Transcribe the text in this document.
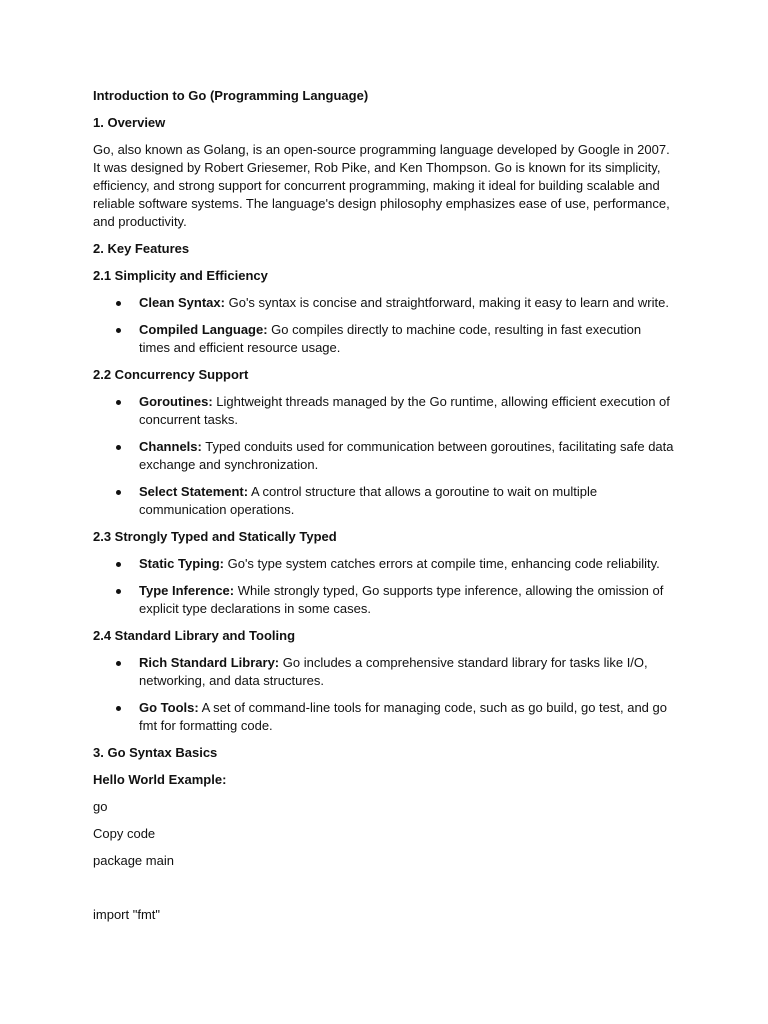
Introduction to Go (Programming Language)
1. Overview
Go, also known as Golang, is an open-source programming language developed by Google in 2007. It was designed by Robert Griesemer, Rob Pike, and Ken Thompson. Go is known for its simplicity, efficiency, and strong support for concurrent programming, making it ideal for building scalable and reliable software systems. The language's design philosophy emphasizes ease of use, performance, and productivity.
2. Key Features
2.1 Simplicity and Efficiency
Clean Syntax: Go's syntax is concise and straightforward, making it easy to learn and write.
Compiled Language: Go compiles directly to machine code, resulting in fast execution times and efficient resource usage.
2.2 Concurrency Support
Goroutines: Lightweight threads managed by the Go runtime, allowing efficient execution of concurrent tasks.
Channels: Typed conduits used for communication between goroutines, facilitating safe data exchange and synchronization.
Select Statement: A control structure that allows a goroutine to wait on multiple communication operations.
2.3 Strongly Typed and Statically Typed
Static Typing: Go's type system catches errors at compile time, enhancing code reliability.
Type Inference: While strongly typed, Go supports type inference, allowing the omission of explicit type declarations in some cases.
2.4 Standard Library and Tooling
Rich Standard Library: Go includes a comprehensive standard library for tasks like I/O, networking, and data structures.
Go Tools: A set of command-line tools for managing code, such as go build, go test, and go fmt for formatting code.
3. Go Syntax Basics
Hello World Example:
go
Copy code
package main
import "fmt"
